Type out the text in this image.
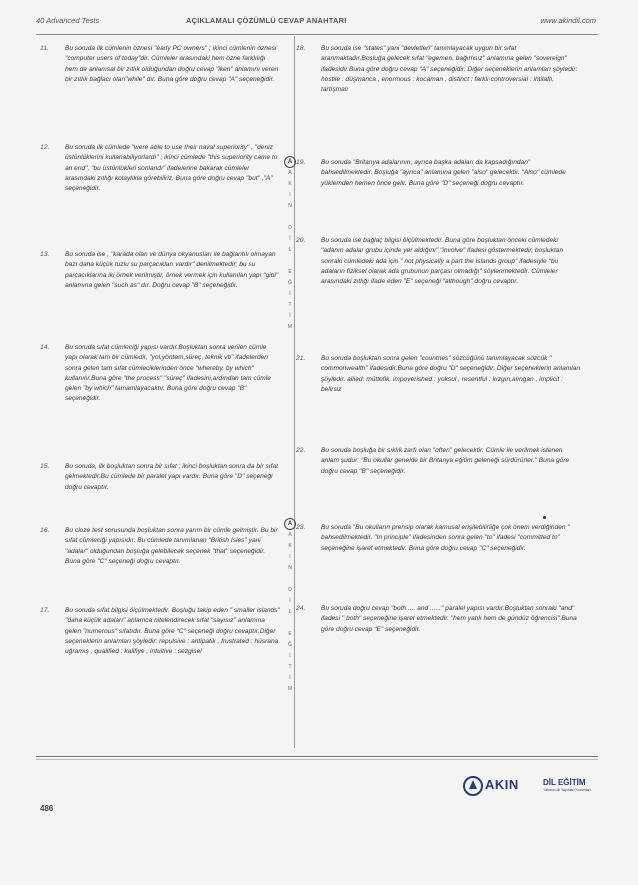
40 Advanced Tests	AÇIKLAMALI ÇÖZÜMLÜ CEVAP ANAHTARI	www.akindil.com
11. Bu soruda ilk cümlenin öznesi "early PC owners" ; ikinci cümlenin öznesi "computer users of today"dir. Cümleler arasındaki hem özne farklılığı hem de anlamsal bir zıtlık olduğundan doğru cevap "iken" anlamını veren bir zıtlık bağlacı olan"while" dır. Buna göre doğru cevap "A" seçeneğidir.
12. Bu soruda ilk cümlede "were able to use their naval superiority" , "deniz üstünlüklerini kullanabiliyorlardı" ; ikinci cümlede "this superiority came to an end", "bu üstünlükleri sonlandı" ifadelerine bakarak cümleler arasındaki zıtlığı kolaylıkla görebiliriz. Buna göre doğru cevap "but" ,"A" seçeneğidir.
13. Bu soruda ise , "karada olan ve dünya okyanusları ile bağlantılı olmayan bazı daha küçük tuzlu su parçacıkları vardır" denilmektedir; bu su parçacıklarına iki örnek verilmiştir, örnek vermek için kullanılan yapı "gibi" anlamına gelen "such as" dır. Doğru cevap "B" seçeneğidir.
14. Bu soruda sıfat cümleciği yapısı vardır.Boşluktan sonra verilen cümle yapı olarak tam bir cümledir, "yol,yöntem,süreç, teknik vb" ifadelerden sonra gelen tam sıfat cümleciklerinden önce "whereby, by which" kullanılır.Buna göre "the process" "süreç" ifadesini,ardından tam cümle gelen "by which" tamamlayacaktır. Buna göre doğru cevap "B" seçeneğidir.
15. Bu soruda, ilk boşluktan sonra bir sıfat ; ikinci boşluktan sonra da bir sıfat gelmektedir.Bu cümlede bir paralel yapı vardır. Buna göre "D" seçeneği doğru cevaptır.
16. Bu cloze test sorusunda boşluktan sonra yarım bir cümle gelmiştir. Bu bir sıfat cümleciği yapısıdır. Bu cümlede tanımlanan "British Isles" yani "adalar" olduğundan boşluğa gelebilecek seçenek "that" seçeneğidir. Buna göre "C" seçeneği doğru cevaptır.
17. Bu soruda sıfat bilgisi ölçülmektedir. Boşluğu takip eden " smaller islands" "daha küçük adaları" anlamca nitelendirecek sıfat "sayısız" anlamına gelen "numerous" sıfatıdır. Buna göre "C" seçeneği doğru cevaptır.Diğer seçeneklerin anlamları şöyledir: repulsive : antipatik , frustrated : hüsrana uğramış , qualified : kalifiye , intuitive : sezgisel
18. Bu soruda ise "states" yani "devletleri" tanımlayacak uygun bir sıfat aranmaktadır.Boşluğa gelecek sıfat "egemen, bağımsız" anlamına gelen "sovereign" ifadesidir.Buna göre doğru cevap "A" seçeneğidir. Diğer seçeneklerin anlamları şöyledir: hostile : düşmanca , enormous : kocaman , distinct : farklı controversial : ihtilaflı, tartışmalı
19. Bu soruda "Britanya adalarının, ayrıca başka adaları da kapsadığından" bahsedilmektedir. Boşluğa "ayrıca" anlamına gelen "also" gelecektir. "Also" cümlede yüklemden hemen önce gelir. Buna göre "D" seçeneği doğru cevaptır.
20. Bu soruda ise bağlaç bilgisi ölçülmektedir. Buna göre boşluktan önceki cümledeki "adanın adalar grubu içinde yer aldığını" "involve" ifadesi göstermektedir, boşluktan sonraki cümledeki ada için " not physically a part the Islands group" ifadesiyle "bu adaların fiziksel olarak ada grubunun parçası olmadığı" söylenmektedir. Cümleler arasındaki zıtlığı ifade eden "E" seçeneği "although" doğru cevaptır.
21. Bu soruda boşluktan sonra gelen "countries" sözcüğünü tanımlayacak sözcük " commonwealth" ifadesidir.Buna göre doğru "D" seçeneğidir. Diğer seçeneklerin anlamları şöyledir. allied: müttefik, impoverished : yoksul , resentful : kızgın,alıngan , implicit : belirsiz
22. Bu soruda boşluğa bir sıklık zarfı olan "often" gelecektir. Cümle ile verilmek istenen anlam şudur: "Bu okullar genelde bir Britanya eğitim geleneği sürdürürler." Buna göre doğru cevap "B" seçeneğidir.
23. Bu soruda "Bu okulların prensip olarak kamusal erişilebilirliğe çok önem verdiğinden " bahsedilmektedir. "In principle" ifadesinden sonra gelen "to" ifadesi "committed to" seçeneğine işaret etmektedir. Buna göre doğru cevap "C" seçeneğidir.
24. Bu soruda doğru cevap "both .... and ......" paralel yapısı vardır.Boşluktan sonraki "and" ifadesi " both" seçeneğine işaret etmektedir. "hem yatılı hem de gündüz öğrencisi".Buna göre doğru cevap "E" seçeneğidir.
A
A
K
I
N

D
İ
L

E
Ğ
İ
T
İ
M
A
A
K
I
N

D
İ
L

E
Ğ
İ
T
İ
M
AKIN	DİL EĞİTİM
Yabancı dil Yayınları Kurumları
486
